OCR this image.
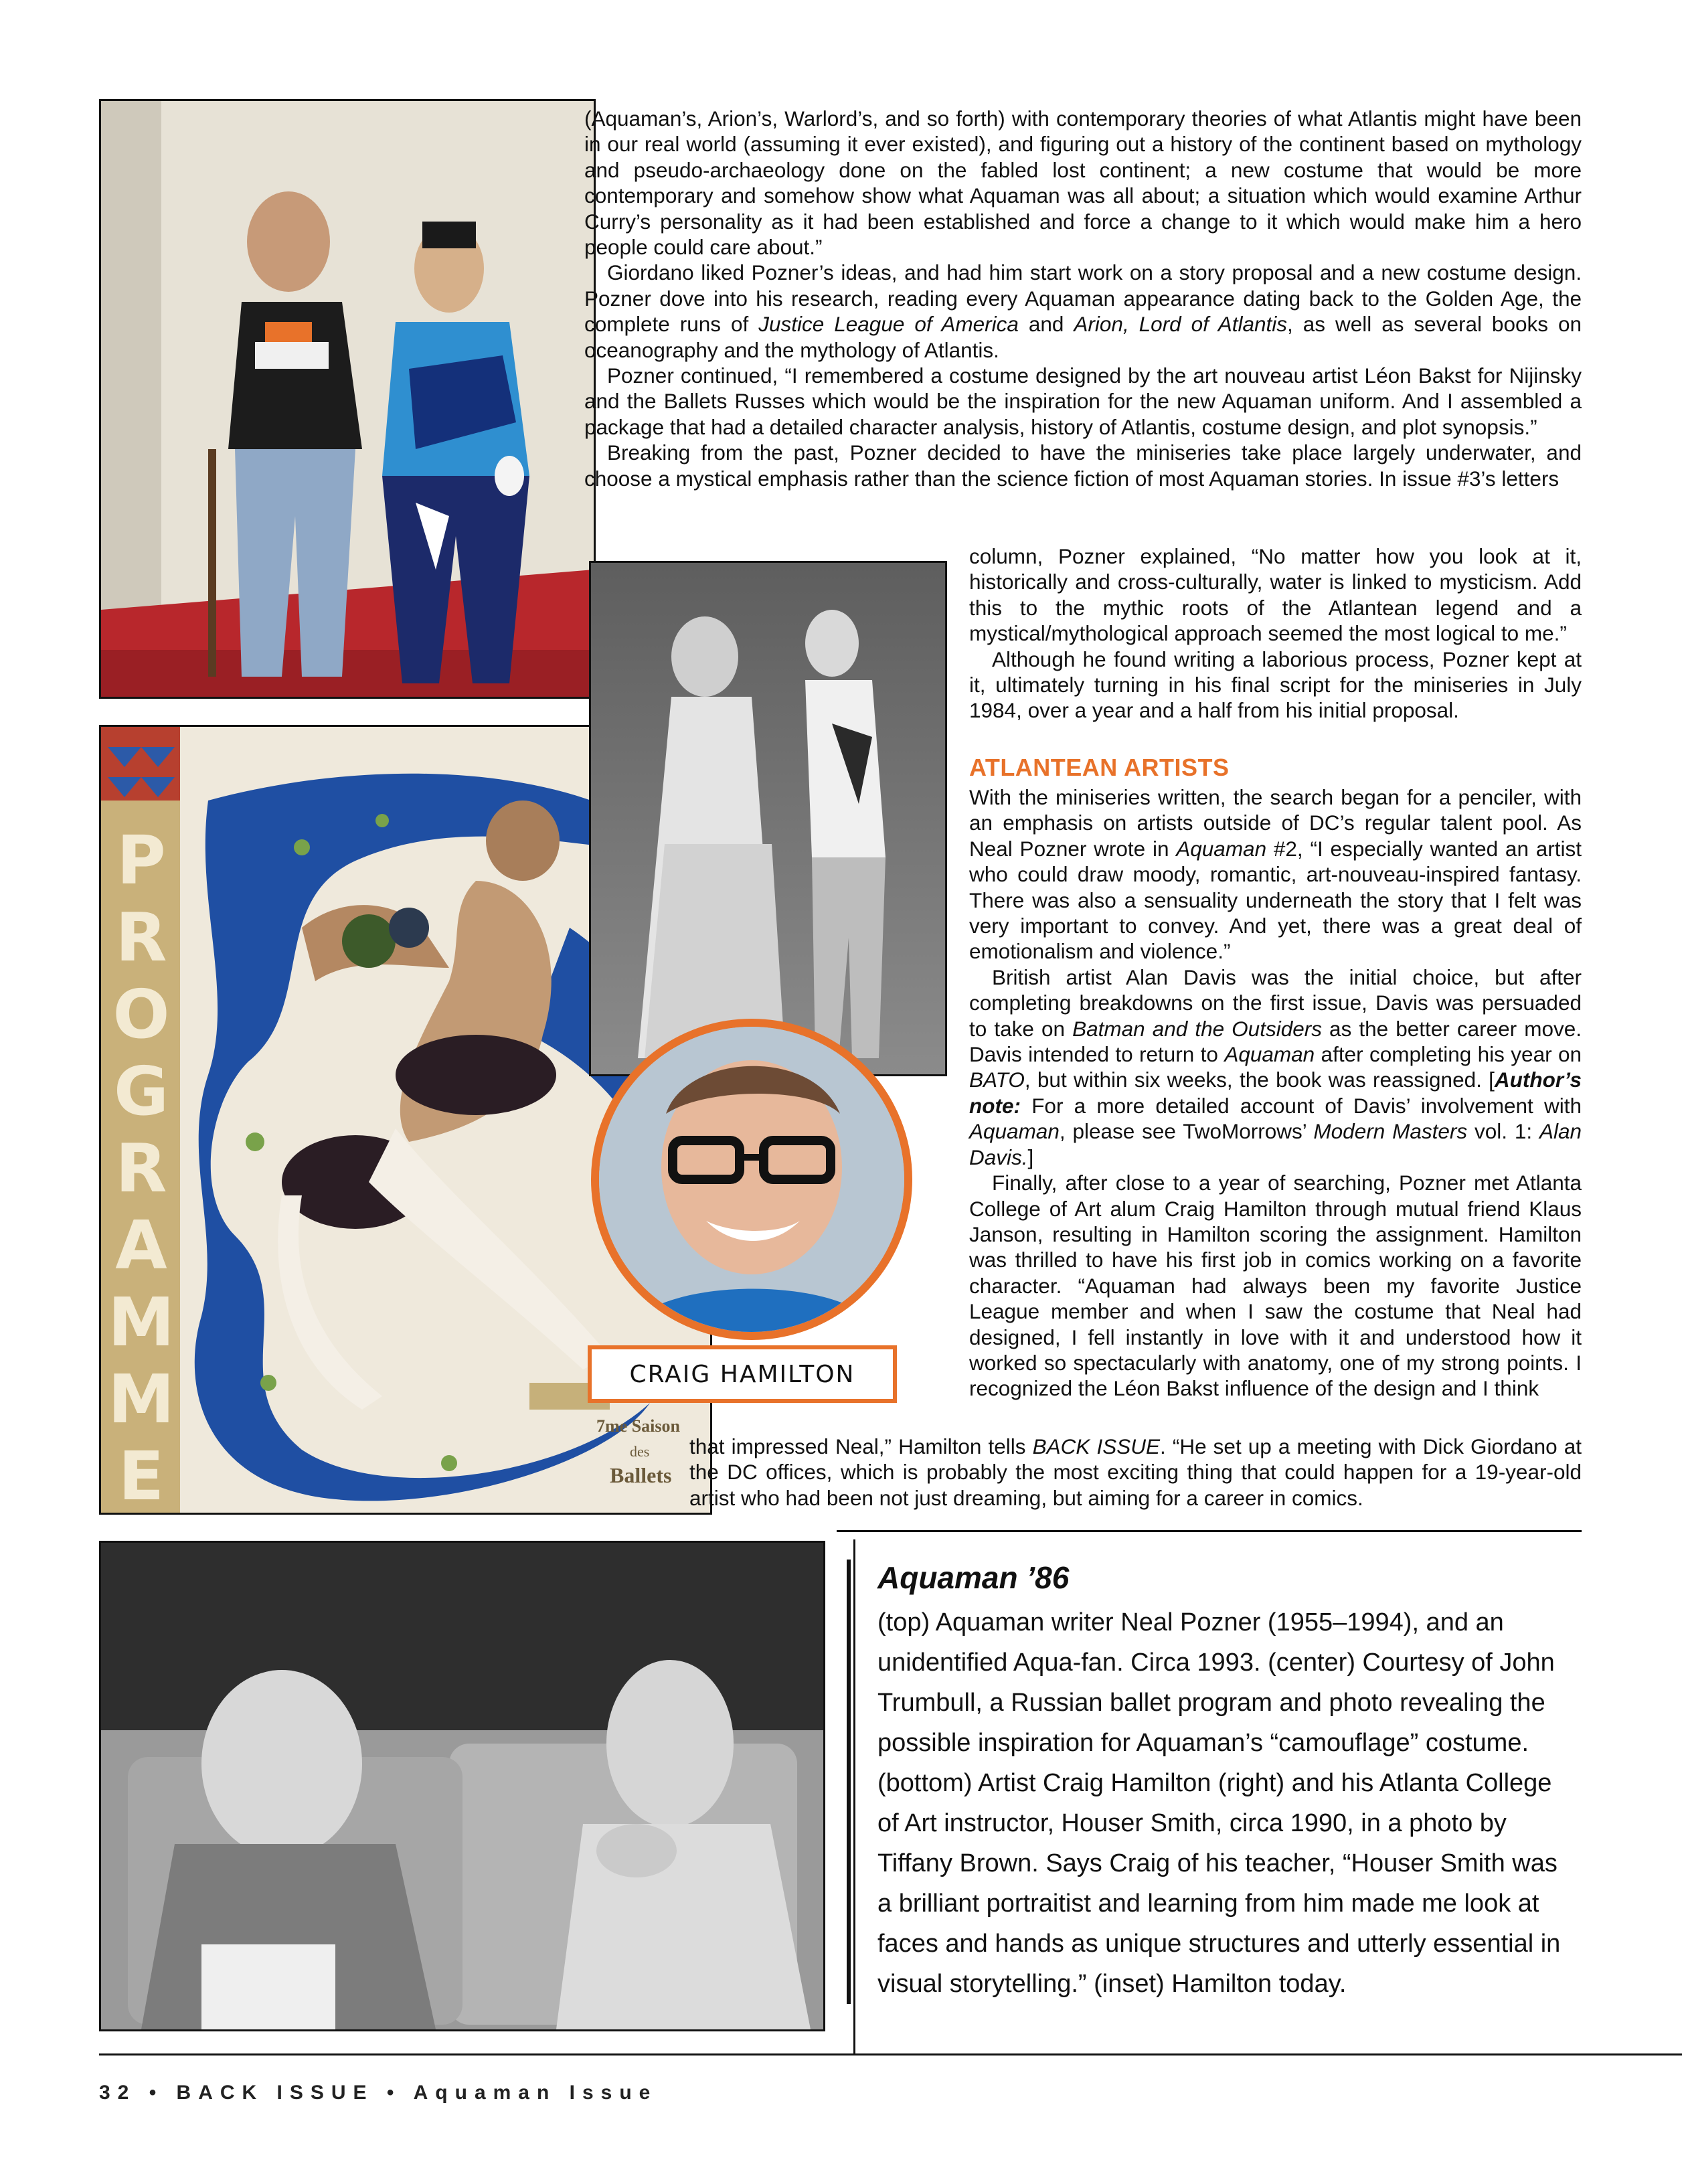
P
R
O
G
R
A
M
M
E
7me Saison
des
Ballets
CRAIG HAMILTON

(Aquaman’s, Arion’s, Warlord’s, and so forth) with contemporary theories of what Atlantis might have been in our real world (assuming it ever existed), and figuring out a history of the continent based on mythology and pseudo-archaeology done on the fabled lost continent; a new costume that would be more contemporary and somehow show what Aquaman was all about; a situation which would examine Arthur Curry’s personality as it had been established and force a change to it which would make him a hero people could care about.”

Giordano liked Pozner’s ideas, and had him start work on a story proposal and a new costume design. Pozner dove into his research, reading every Aquaman appearance dating back to the Golden Age, the complete runs of Justice League of America and Arion, Lord of Atlantis, as well as several books on oceanography and the mythology of Atlantis.

Pozner continued, “I remembered a costume designed by the art nouveau artist Léon Bakst for Nijinsky and the Ballets Russes which would be the inspiration for the new Aquaman uniform. And I assembled a package that had a detailed character analysis, history of Atlantis, costume design, and plot synopsis.”

Breaking from the past, Pozner decided to have the miniseries take place largely underwater, and choose a mystical emphasis rather than the science fiction of most Aquaman stories. In issue #3’s letters

column, Pozner explained, “No matter how you look at it, historically and cross-culturally, water is linked to mysticism. Add this to the mythic roots of the Atlantean legend and a mystical/mythological approach seemed the most logical to me.”

Although he found writing a laborious process, Pozner kept at it, ultimately turning in his final script for the miniseries in July 1984, over a year and a half from his initial proposal.

ATLANTEAN ARTISTS

With the miniseries written, the search began for a penciler, with an emphasis on artists outside of DC’s regular talent pool. As Neal Pozner wrote in Aquaman #2, “I especially wanted an artist who could draw moody, romantic, art-nouveau-inspired fantasy. There was also a sensuality underneath the story that I felt was very important to convey. And yet, there was a great deal of emotionalism and violence.”

British artist Alan Davis was the initial choice, but after completing breakdowns on the first issue, Davis was persuaded to take on Batman and the Outsiders as the better career move. Davis intended to return to Aquaman after completing his year on BATO, but within six weeks, the book was reassigned. [Author’s note: For a more detailed account of Davis’ involvement with Aquaman, please see TwoMorrows’ Modern Masters vol. 1: Alan Davis.]

Finally, after close to a year of searching, Pozner met Atlanta College of Art alum Craig Hamilton through mutual friend Klaus Janson, resulting in Hamilton scoring the assignment. Hamilton was thrilled to have his first job in comics working on a favorite character. “Aquaman had always been my favorite Justice League member and when I saw the costume that Neal had designed, I fell instantly in love with it and understood how it worked so spectacularly with anatomy, one of my strong points. I recognized the Léon Bakst influence of the design and I think

that impressed Neal,” Hamilton tells BACK ISSUE. “He set up a meeting with Dick Giordano at the DC offices, which is probably the most exciting thing that could happen for a 19-year-old artist who had been not just dreaming, but aiming for a career in comics.

Aquaman ’86

(top) Aquaman writer Neal Pozner (1955–1994), and an unidentified Aqua-fan. Circa 1993. (center) Courtesy of John Trumbull, a Russian ballet program and photo revealing the possible inspiration for Aquaman’s “camouflage” costume. (bottom) Artist Craig Hamilton (right) and his Atlanta College of Art instructor, Houser Smith, circa 1990, in a photo by Tiffany Brown. Says Craig of his teacher, “Houser Smith was a brilliant portraitist and learning from him made me look at faces and hands as unique structures and utterly essential in visual storytelling.” (inset) Hamilton today.

32 • BACK ISSUE • Aquaman Issue
